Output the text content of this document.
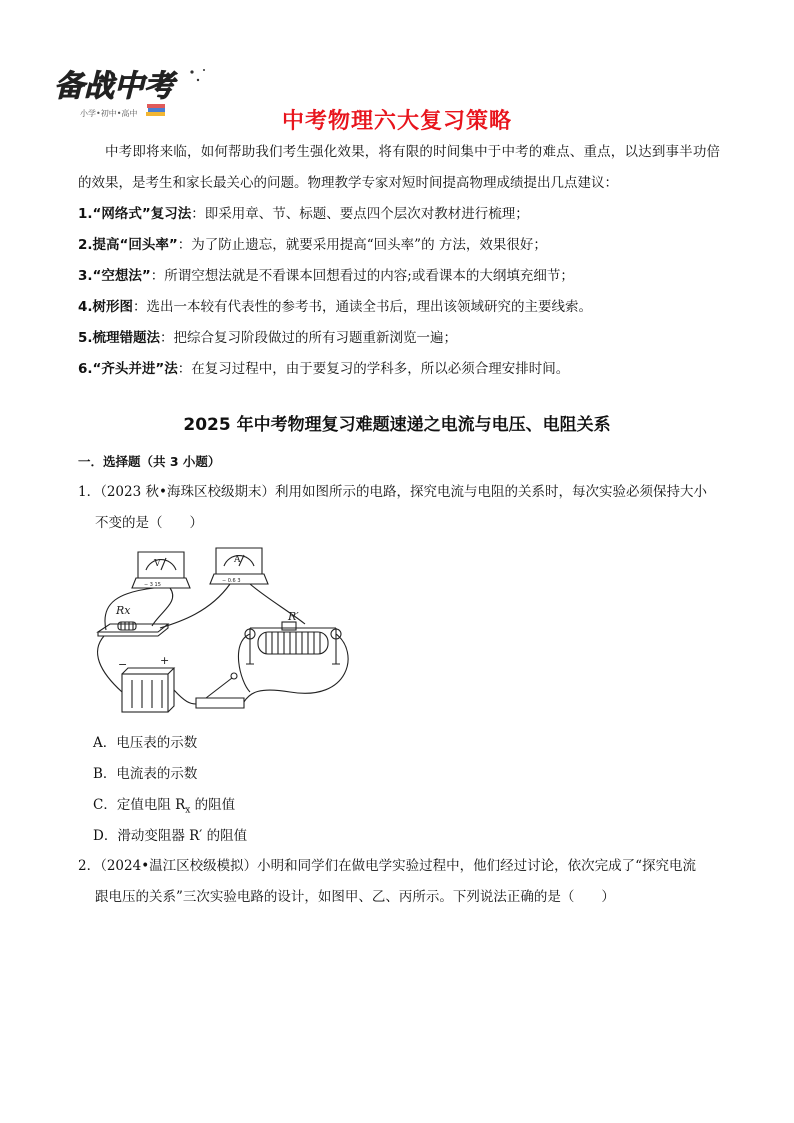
备战中考
小学•初中•高中	中考物理六大复习策略
中考即将来临，如何帮助我们考生强化效果，将有限的时间集中于中考的难点、重点，以达到事半功倍的效果，是考生和家长最关心的问题。物理教学专家对短时间提高物理成绩提出几点建议：
1.“网络式”复习法：即采用章、节、标题、要点四个层次对教材进行梳理；
2.提高“回头率”：为了防止遗忘，就要采用提高“回头率”的 方法，效果很好；
3.“空想法”：所谓空想法就是不看课本回想看过的内容;或看课本的大纲填充细节；
4.树形图：选出一本较有代表性的参考书，通读全书后，理出该领域研究的主要线索。
5.梳理错题法：把综合复习阶段做过的所有习题重新浏览一遍；
6.“齐头并进”法：在复习过程中，由于要复习的学科多，所以必须合理安排时间。
2025 年中考物理复习难题速递之电流与电压、电阻关系
一．选择题（共 3 小题）
1．（2023 秋•海珠区校级期末）利用如图所示的电路，探究电流与电阻的关系时，每次实验必须保持大小
不变的是（　　）
V	A
− 3 15
− 0.6 3
Rx	R′
−	+
A．电压表的示数
B．电流表的示数
C．定值电阻 $R_x$ 的阻值
D．滑动变阻器 R′ 的阻值
2．（2024•温江区校级模拟）小明和同学们在做电学实验过程中，他们经过讨论，依次完成了“探究电流
跟电压的关系”三次实验电路的设计，如图甲、乙、丙所示。下列说法正确的是（　　）
